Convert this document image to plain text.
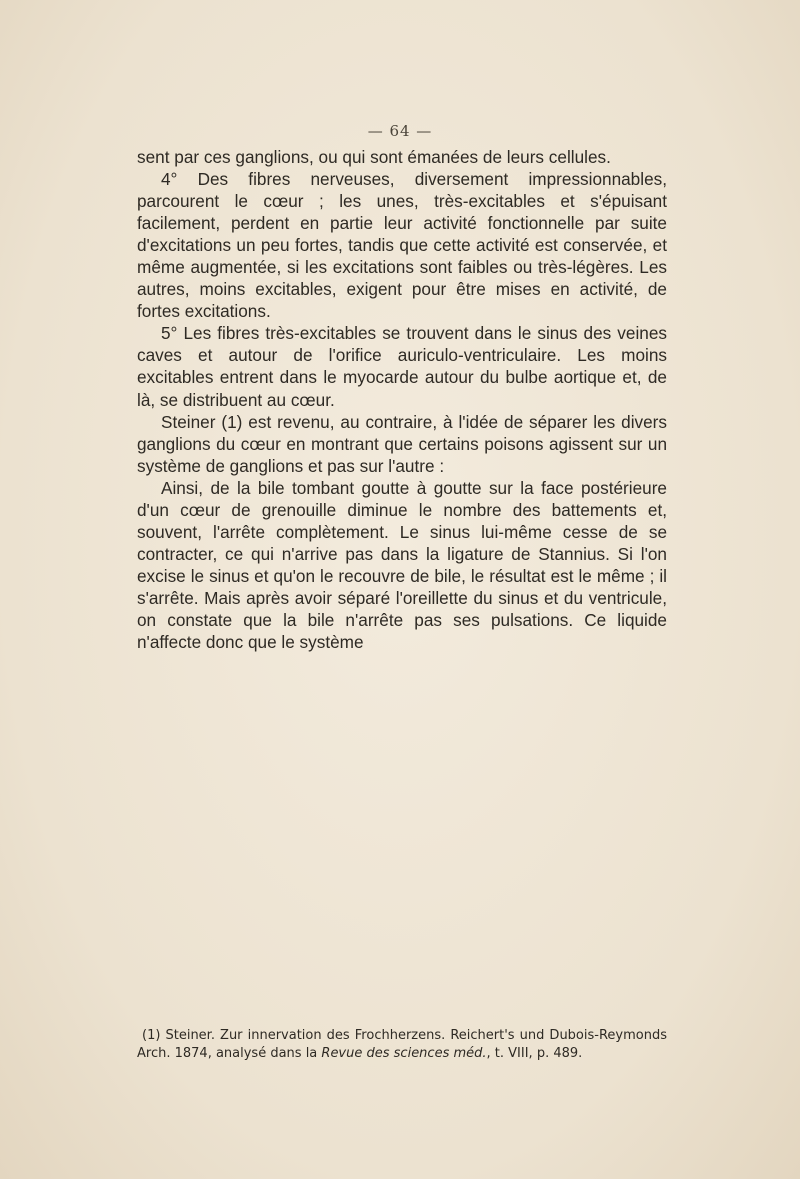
— 64 —

sent par ces ganglions, ou qui sont émanées de leurs cellules.

4° Des fibres nerveuses, diversement impressionnables, parcourent le cœur ; les unes, très-excitables et s'épuisant facilement, perdent en partie leur activité fonctionnelle par suite d'excitations un peu fortes, tandis que cette activité est conservée, et même augmentée, si les excitations sont faibles ou très-légères. Les autres, moins excitables, exigent pour être mises en activité, de fortes excitations.

5° Les fibres très-excitables se trouvent dans le sinus des veines caves et autour de l'orifice auriculo-ventriculaire. Les moins excitables entrent dans le myocarde autour du bulbe aortique et, de là, se distribuent au cœur.

Steiner (1) est revenu, au contraire, à l'idée de séparer les divers ganglions du cœur en montrant que certains poisons agissent sur un système de ganglions et pas sur l'autre :

Ainsi, de la bile tombant goutte à goutte sur la face postérieure d'un cœur de grenouille diminue le nombre des battements et, souvent, l'arrête complètement. Le sinus lui-même cesse de se contracter, ce qui n'arrive pas dans la ligature de Stannius. Si l'on excise le sinus et qu'on le recouvre de bile, le résultat est le même ; il s'arrête. Mais après avoir séparé l'oreillette du sinus et du ventricule, on constate que la bile n'arrête pas ses pulsations. Ce liquide n'affecte donc que le système

(1) Steiner. Zur innervation des Frochherzens. Reichert's und Dubois-Reymonds Arch. 1874, analysé dans la Revue des sciences méd., t. VIII, p. 489.
